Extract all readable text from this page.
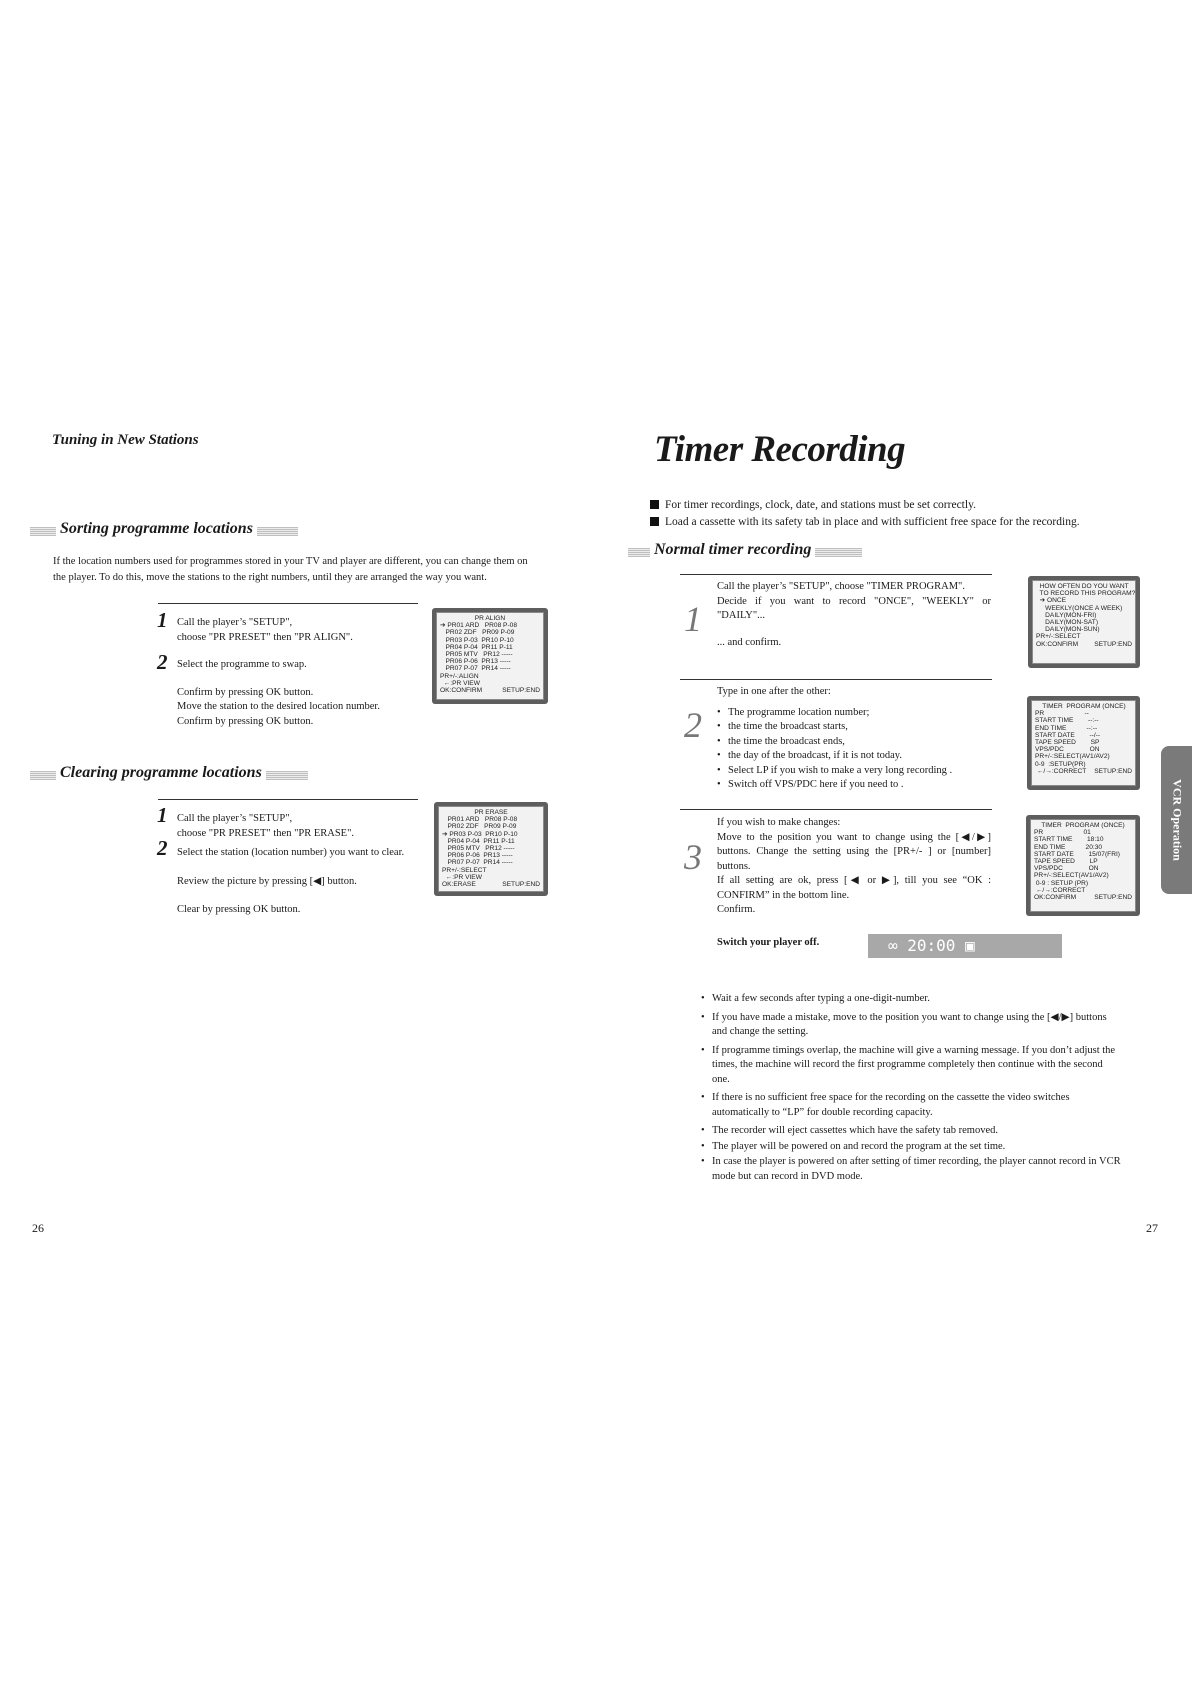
Tuning in New Stations
Sorting programme locations
If the location numbers used for programmes stored in your TV and player are different, you can change them on
the player. To do this, move the stations to the right numbers, until they are arranged the way you want.
1 Call the player’s "SETUP",
choose "PR PRESET" then "PR ALIGN".
2 Select the programme to swap.
Confirm by pressing OK button.
Move the station to the desired location number.
Confirm by pressing OK button.
PR ALIGN
➔ PR01 ARD   PR08 P-08
PR02 ZDF   PR09 P-09
PR03 P-03  PR10 P-10
PR04 P-04  PR11 P-11
PR05 MTV   PR12 -----
PR06 P-06  PR13 -----
PR07 P-07  PR14 -----
PR+/-:ALIGN
←:PR VIEW
OK:CONFIRM	SETUP:END
Clearing programme locations
1 Call the player’s "SETUP",
choose "PR PRESET" then "PR ERASE".
2 Select the station (location number) you want to clear.
Review the picture by pressing [◀] button.
Clear by pressing OK button.
PR ERASE
PR01 ARD   PR08 P-08
PR02 ZDF   PR09 P-09
➔ PR03 P-03  PR10 P-10
PR04 P-04  PR11 P-11
PR05 MTV   PR12 -----
PR06 P-06  PR13 -----
PR07 P-07  PR14 -----
PR+/-:SELECT
←:PR VIEW
OK:ERASE	SETUP:END
26
Timer Recording
For timer recordings, clock, date, and stations must be set correctly.
Load a cassette with its safety tab in place and with sufficient free space for the recording.
Normal timer recording
1
Call the player’s "SETUP", choose "TIMER PROGRAM".
Decide if you want to record "ONCE", "WEEKLY" or
"DAILY"...
... and confirm.
HOW OFTEN DO YOU WANT
TO RECORD THIS PROGRAM?
➔ ONCE
WEEKLY(ONCE A WEEK)
DAILY(MON-FRI)
DAILY(MON-SAT)
DAILY(MON-SUN)
PR+/-:SELECT
OK:CONFIRM SETUP:END
2
Type in one after the other:
• The programme location number;
• the time the broadcast starts,
• the time the broadcast ends,
• the day of the broadcast, if it is not today.
• Select LP if you wish to make a very long recording .
• Switch off VPS/PDC here if you need to .
TIMER  PROGRAM (ONCE)
PR                      --
START TIME        --:--
END TIME           --:--
START DATE        --/--
TAPE SPEED        SP
VPS/PDC              ON
PR+/-:SELECT(AV1/AV2)
0-9  :SETUP(PR)
←/→:CORRECT SETUP:END
3
If you wish to make changes:
Move to the position you want to change using the [◀/▶]
buttons. Change the setting using the [PR+/- ] or [number]
buttons.
If all setting are ok, press [◀ or ▶], till you see “OK :
CONFIRM” in the bottom line.
Confirm.
TIMER  PROGRAM (ONCE)
PR                      01
START TIME        18:10
END TIME           20:30
START DATE        15/07(FRI)
TAPE SPEED        LP
VPS/PDC              ON
PR+/-:SELECT(AV1/AV2)
0-9 : SETUP (PR)
←/→:CORRECT
OK:CONFIRM	SETUP:END
Switch your player off.	∞ 20:00 ▣
• Wait a few seconds after typing a one-digit-number.
• If you have made a mistake, move to the position you want to change using the [◀/▶] buttons and change the setting.
• If programme timings overlap, the machine will give a warning message. If you don’t adjust the times, the machine will record the first programme completely then continue with the second one.
• If there is no sufficient free space for the recording on the cassette the video switches automatically to “LP” for double recording capacity.
• The recorder will eject cassettes which have the safety tab removed.
• The player will be powered on and record the program at the set time.
• In case the player is powered on after setting of timer recording, the player cannot record in VCR mode but can record in DVD mode.
VCR Operation
27
